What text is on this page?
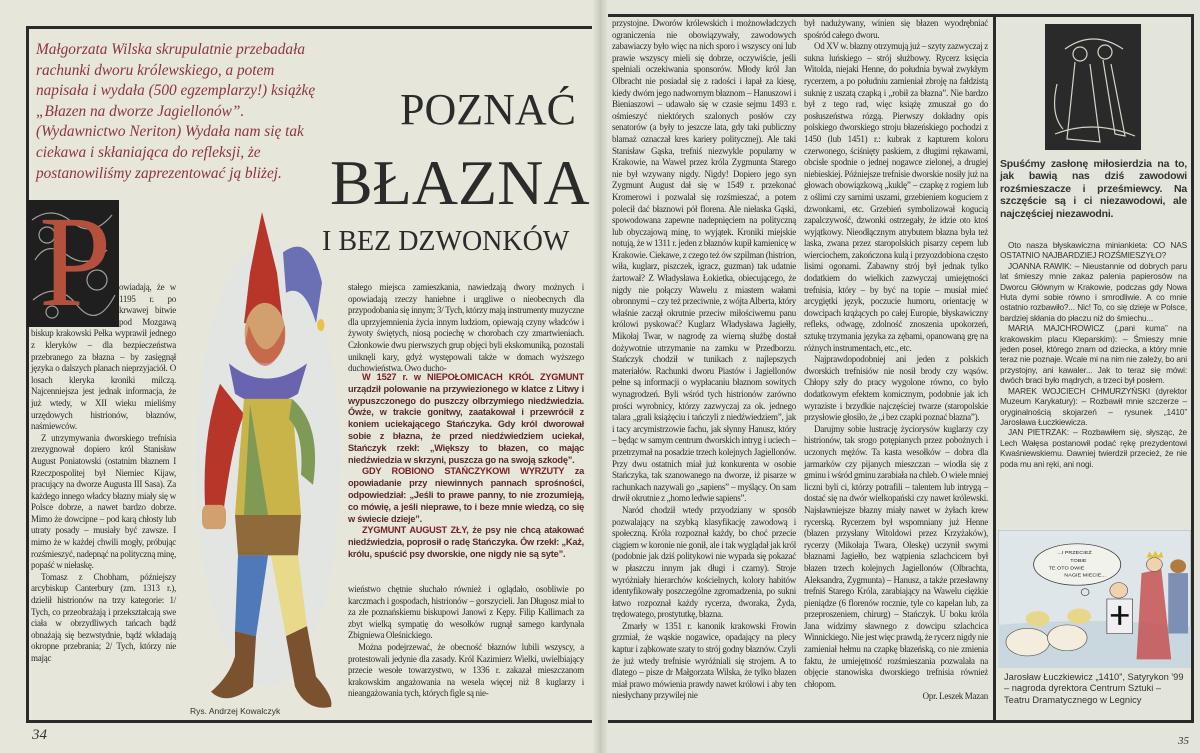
Małgorzata Wilska skrupulatnie przebadała rachunki dworu królewskiego, a potem napisała i wydała (500 egzemplarzy!) książkę „Błazen na dworze Jagiellonów”. (Wydawnictwo Neriton) Wydała nam się tak ciekawa i skłaniająca do refleksji, że postanowiliśmy zaprezentować ją bliżej.
Rys. Andrzej Kowalczyk
POZNAĆ
BŁAZNA
I BEZ DZWONKÓW
P owiadają, że w 1195 r. po krwawej bitwie pod Mozgawą biskup krakowski Pełka wyprawił jednego z kleryków – dla bezpieczeństwa przebranego za błazna – by zasięgnął języka o dalszych planach nieprzyjaciół. O losach kleryka kroniki milczą. Najcenniejsza jest jednak informacja, że już wtedy, w XII wieku mieliśmy urzędowych histrionów, błaznów, naśmiewców.

Z utrzymywania dworskiego trefnisia zrezygnował dopiero król Stanisław August Poniatowski (ostatnim błaznem I Rzeczpospolitej był Niemiec Kijaw, pracujący na dworze Augusta III Sasa). Za każdego innego władcy błazny miały się w Polsce dobrze, a nawet bardzo dobrze. Mimo że dowcipne – pod karą chłosty lub utraty posady – musiały być zawsze. I mimo że w każdej chwili mogły, próbując rozśmieszyć, nadepnąć na polityczną minę, popaść w niełaskę.

Tomasz z Chobham, późniejszy arcybiskup Canterbury (zm. 1313 r.), dzielił histrionów na trzy kategorie: 1/ Tych, co przeobrażają i przekształcają swe ciała w obrzydliwych tańcach bądź obnażają się bezwstydnie, bądź wkładają okropne przebrania; 2/ Tych, którzy nie mając

stałego miejsca zamieszkania, nawiedzają dwory możnych i opowiadają rzeczy haniebne i urągliwe o nieobecnych dla przypodobania się innym; 3/ Tych, którzy mają instrumenty muzyczne dla uprzyjemnienia życia innym ludziom, opiewają czyny władców i żywoty świętych, niosą pociechę w chorobach czy zmartwieniach. Członkowie dwu pierwszych grup objęci byli ekskomuniką, pozostali uniknęli kary, gdyż występowali także w domach wyższego duchowieństwa. Owo ducho-

W 1527 r. w NIEPOŁOMICACH KRÓL ZYGMUNT urządził polowanie na przywiezionego w klatce z Litwy i wypuszczonego do puszczy olbrzymiego niedźwiedzia. Ówże, w trakcie gonitwy, zaatakował i przewrócił z koniem uciekającego Stańczyka. Gdy król dworował sobie z błazna, że przed niedźwiedziem uciekał, Stańczyk rzekł: „Większy to błazen, co mając niedźwiedzia w skrzyni, puszcza go na swoją szkodę”.

GDY ROBIONO STAŃCZYKOWI WYRZUTY za opowiadanie przy niewinnych pannach sprośności, odpowiedział: „Jeśli to prawe panny, to nie zrozumieją, co mówię, a jeśli nieprawe, to i beze mnie wiedzą, co się w świecie dzieje”.

ZYGMUNT AUGUST ZŁY, że psy nie chcą atakować niedźwiedzia, poprosił o radę Stańczyka. Ów rzekł: „Każ, królu, spuścić psy dworskie, one nigdy nie są syte”.

wieństwo chętnie słuchało również i oglądało, osobliwie po karczmach i gospodach, histrionów – gorszycieli. Jan Długosz miał to za złe poznańskiemu biskupowi Janowi z Kępy. Filip Kallimach za zbyt wielką sympatię do wesołków rugnął samego kardynała Zbigniewa Oleśnickiego.

Można podejrzewać, że obecność błaznów lubili wszyscy, a protestowali jedynie dla zasady. Król Kazimierz Wielki, uwielbiający przecie wesołe towarzystwo, w 1336 r. zakazał mieszczanom krakowskim angażowania na wesela więcej niż 8 kuglarzy i nieangażowania tych, których figle są nie-

34

przystojne. Dworów królewskich i możnowładczych ograniczenia nie obowiązywały, zawodowych zabawiaczy było więc na nich sporo i wszyscy oni lub prawie wszyscy mieli się dobrze, oczywiście, jeśli spełniali oczekiwania sponsorów. Młody król Jan Olbracht nie posiadał się z radości i łapał za kiesę, kiedy dwóm jego nadwornym błaznom – Hanuszowi i Bieniaszowi – udawało się w czasie sejmu 1493 r. ośmieszyć niektórych szalonych posłów czy senatorów (a były to jeszcze lata, gdy taki publiczny blamaż oznaczał kres kariery politycznej). Ale taki Stanisław Gąska, trefniś niezwykle popularny w Krakowie, na Wawel przez króla Zygmunta Starego nie był wzywany nigdy. Nigdy! Dopiero jego syn Zygmunt August dał się w 1549 r. przekonać Kromerowi i pozwalał się rozśmieszać, a potem polecił dać błaznowi pół florena. Ale niełaska Gąski, spowodowana zapewne nadepnięciem na polityczną lub obyczajową minę, to wyjątek. Kroniki miejskie notują, że w 1311 r. jeden z błaznów kupił kamienicę w Krakowie. Ciekawe, z czego też ów szpilman (histrion, wiła, kuglarz, piszczek, igracz, guzman) tak udatnie żartował? Z Władysława Łokietka, obiecującego, że nigdy nie połączy Wawelu z miastem wałami obronnymi – czy też przeciwnie, z wójta Alberta, który właśnie zaczął okrutnie przeciw miłościwemu panu królowi pyskować? Kuglarz Władysława Jagiełły, Mikołaj Twar, w nagrodę za wierną służbę dostał dożywotnie utrzymanie na zamku w Przedborzu. Stańczyk chodził w tunikach z najlepszych materiałów. Rachunki dworu Piastów i Jagiellonów pełne są informacji o wypłacaniu błaznom sowitych wynagrodzeń. Byli wśród tych histrionów zarówno prości wyrobnicy, którzy zazwyczaj za ok. jednego talara „grali książęciu i tańczyli z niedźwiedziem”, jak i tacy arcymistrzowie fachu, jak słynny Hanusz, który – będąc w samym centrum dworskich intryg i uciech – przetrzymał na posadzie trzech kolejnych Jagiellonów. Przy dwu ostatnich miał już konkurenta w osobie Stańczyka, tak szanowanego na dworze, iż pisarze w rachunkach nazywali go „sapiens” – myślący. On sam drwił okrutnie z „homo ledwie sapiens”.

Naród chodził wtedy przyodziany w sposób pozwalający na szybką klasyfikację zawodową i społeczną. Króla rozpoznał każdy, bo choć przecie ciągiem w koronie nie gonił, ale i tak wyglądał jak król (podobnie jak dziś politykowi nie wypada się pokazać w płaszczu innym jak długi i czarny). Stroje wyróżniały hierarchów kościelnych, kolory habitów identyfikowały poszczególne zgromadzenia, po sukni łatwo rozpoznał każdy rycerza, dworaka, Żyda, trędowatego, prostytutkę, błazna.

Zmarły w 1351 r. kanonik krakowski Frowin grzmiał, że wąskie nogawice, opadający na plecy kaptur i ząbkowate szaty to strój godny błaznów. Czyli że już wtedy trefnisie wyróżniali się strojem. A to dlatego – pisze dr Małgorzata Wilska, że tylko błazen miał prawo mówienia prawdy nawet królowi i aby ten niesłychany przywilej nie

był nadużywany, winien się błazen wyodrębniać spośród całego dworu.

Od XV w. błazny otrzymują już – szyty zazwyczaj z sukna luńskiego – strój służbowy. Rycerz księcia Witolda, niejaki Henne, do południa bywał zwykłym rycerzem, a po południu zamieniał zbroję na fałdzistą suknię z uszatą czapką i „robił za błazna”. Nie bardzo był z tego rad, więc książę zmuszał go do posłuszeństwa rózgą. Pierwszy dokładny opis polskiego dworskiego stroju błazeńskiego pochodzi z 1450 (lub 1451) r.: kubrak z kapturem koloru czerwonego, ściśnięty paskiem, z długimi rękawami, obcisłe spodnie o jednej nogawce zielonej, a drugiej niebieskiej. Późniejsze trefnisie dworskie nosiły już na głowach obowiązkową „kuklę” – czapkę z rogiem lub z oślimi czy sarnimi uszami, grzebieniem koguciem z dzwonkami, etc. Grzebień symbolizował kogucią zapalczywość, dzwonki ostrzegały, że idzie oto ktoś wyjątkowy. Nieodłącznym atrybutem błazna była też laska, zwana przez staropolskich pisarzy cepem lub wierciochem, zakończona kulą i przyozdobiona często lisimi ogonami. Zabawny strój był jednak tylko dodatkiem do wielkich zazwyczaj umiejętności trefnisia, który – by być na topie – musiał mieć arcygiętki język, poczucie humoru, orientację w dowcipach krążących po całej Europie, błyskawiczny refleks, odwagę, zdolność znoszenia upokorzeń, sztukę trzymania języka za zębami, opanowaną grę na różnych instrumentach, etc., etc.

Najprawdopodobniej ani jeden z polskich dworskich trefnisiów nie nosił brody czy wąsów. Chłopy szły do pracy wygolone równo, co było dodatkowym efektem komicznym, podobnie jak ich wyraziste i brzydkie najczęściej twarze (staropolskie przysłowie głosiło, że „i bez czapki poznać błazna”).

Darujmy sobie lustrację życiorysów kuglarzy czy histrionów, tak srogo potępianych przez pobożnych i uczonych mężów. Ta kasta wesołków – dobra dla jarmarków czy pijanych mieszczan – wiodła się z gminu i wśród gminu zarabiała na chleb. O wiele mniej liczni byli ci, którzy potrafili – talentem lub intrygą – dostać się na dwór wielkopański czy nawet królewski. Najsławniejsze błazny miały nawet w żyłach krew rycerską. Rycerzem był wspomniany już Henne (błazen przysłany Witoldowi przez Krzyżaków), rycerzy (Mikołaja Twara, Oleskę) uczynił swymi błaznami Jagiełło, bez wątpienia szlachcicem był błazen trzech kolejnych Jagiellonów (Olbrachta, Aleksandra, Zygmunta) – Hanusz, a także przesławny trefniś Starego Króla, zarabiający na Wawelu ciężkie pieniądze (6 florenów rocznie, tyle co kapelan lub, za przeproszeniem, chirurg) – Stańczyk. U boku króla Jana widzimy sławnego z dowcipu szlachcica Winnickiego. Nie jest więc prawdą, że rycerz nigdy nie zamieniał hełmu na czapkę błazeńską, co nie zmienia faktu, że umiejętność rozśmieszania pozwalała na objęcie stanowiska dworskiego trefnisia również chłopom.

Opr. Leszek Mazan

Spuśćmy zasłonę miłosierdzia na to, jak bawią nas dziś zawodowi rozśmieszacze i prześmiewcy. Na szczęście są i ci niezawodowi, ale najczęściej niezawodni.

Oto nasza błyskawiczna miniankieta: CO NAS OSTATNIO NAJBARDZIEJ ROZŚMIESZYŁO?

JOANNA RAWIK: – Nieustannie od dobrych paru lat śmieszy mnie zakaz palenia papierosów na Dworcu Głównym w Krakowie, podczas gdy Nowa Huta dymi sobie równo i smrodliwie. A co mnie ostatnio rozbawiło?... Nic! To, co się dzieje w Polsce, bardziej skłania do płaczu niż do śmiechu...

MARIA MAJCHROWICZ („pani kuma” na krakowskim placu Kleparskim): – Śmieszy mnie jeden poseł, którego znam od dziecka, a który mnie teraz nie poznaje. Wcale mi na nim nie zależy, bo ani przystojny, ani kawaler... Jak to teraz się mówi: dwóch braci było mądrych, a trzeci był posłem.

MAREK WOJCIECH CHMURZYŃSKI (dyrektor Muzeum Karykatury): – Rozbawił mnie szczerze – oryginalnością skojarzeń – rysunek „1410” Jarosława Łuczkiewicza.

JAN PIETRZAK: – Rozbawiłem się, słysząc, że Lech Wałęsa postanowił podać rękę prezydentowi Kwaśniewskiemu. Dawniej twierdził przecież, że nie poda mu ani ręki, ani nogi.

...I PRZECIEŻ TOBIE TE OTO DWIE NAGIE MIECIE...
Jarosław Łuczkiewicz „1410”, Satyrykon '99 – nagroda dyrektora Centrum Sztuki – Teatru Dramatycznego w Legnicy
35
